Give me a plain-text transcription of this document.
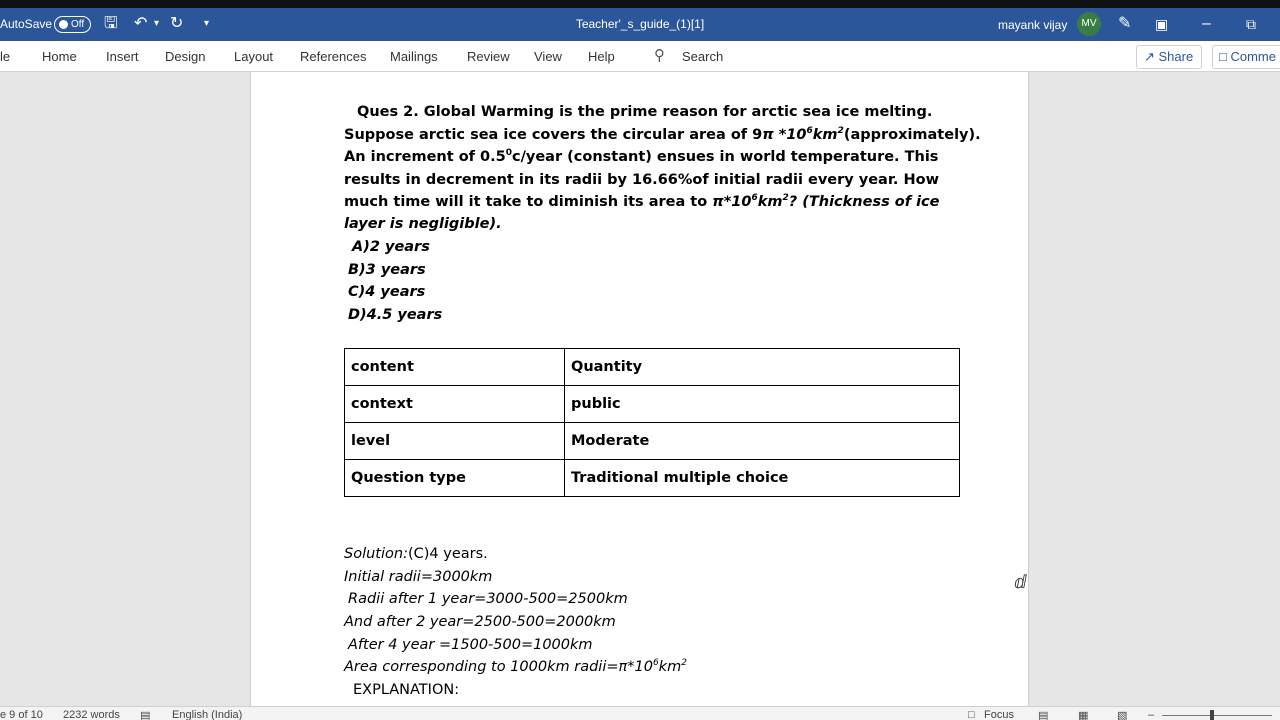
AutoSave	Off	🖫 ↶ ▾ ↻ ▾	Teacher'_s_guide_(1)[1]	mayank vijay	MV ✎ ▣ –	⧉
le Home Insert Design Layout References Mailings Review View Help	⚲ Search	↗ Share	□ Comme
Ques 2. Global Warming is the prime reason for arctic sea ice melting.
Suppose arctic sea ice covers the circular area of 9π $*10^6km^2(approximately)$.
An increment of $0.5^0c$/year (constant) ensues in world temperature. This
results in decrement in its radii by 16.66%of initial radii every year. How
much time will it take to diminish its area to $\pi*10^6km^2$? (Thickness of ice
layer is negligible).
A)2 years
B)3 years
C)4 years
D)4.5 years
content	Quantity
context	public
level	Moderate
Question type	Traditional multiple choice
Solution:(C)4 years.
Initial radii=3000km
Radii after 1 year=3000-500=2500km
And after 2 year=2500-500=2000km
After 4 year =1500-500=1000km
Area corresponding to 1000km $radii=\pi*10^6km^2$
EXPLANATION:
ⅆ
e 9 of 10 2232 words ▤ English (India)	□ Focus ▤	▦	▧ –
